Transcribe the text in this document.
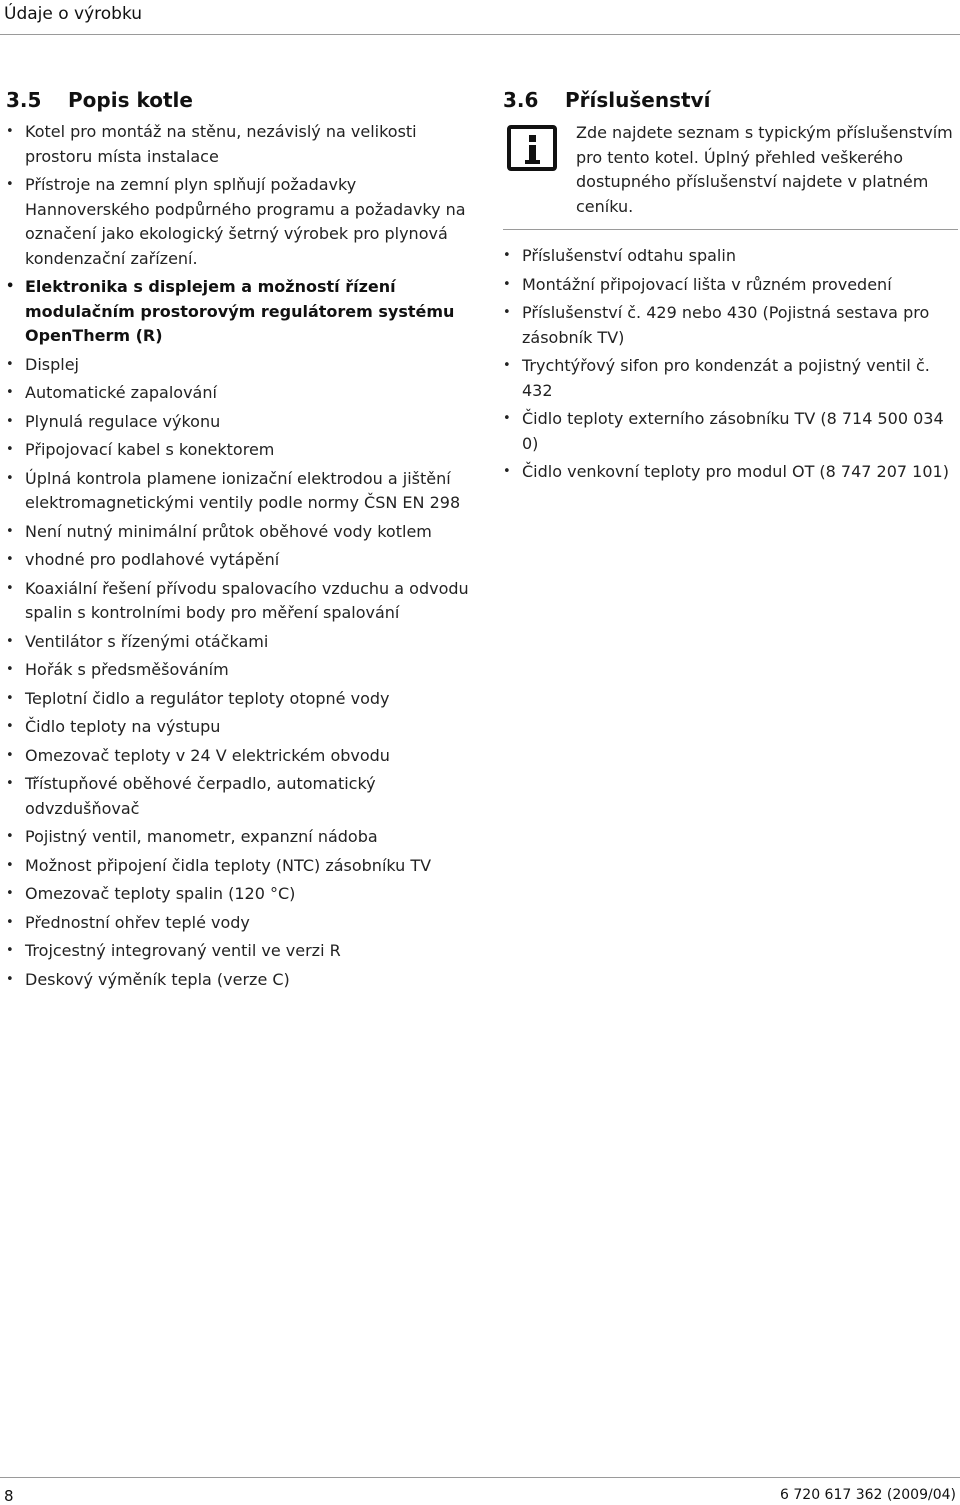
Údaje o výrobku
3.5 Popis kotle
• Kotel pro montáž na stěnu, nezávislý na velikosti prostoru místa instalace
• Přístroje na zemní plyn splňují požadavky Hannoverského podpůrného programu a požadavky na označení jako ekologický šetrný výrobek pro plynová kondenzační zařízení.
• Elektronika s displejem a možností řízení modulačním prostorovým regulátorem systému OpenTherm (R)
• Displej
• Automatické zapalování
• Plynulá regulace výkonu
• Připojovací kabel s konektorem
• Úplná kontrola plamene ionizační elektrodou a jištění elektromagnetickými ventily podle normy ČSN EN 298
• Není nutný minimální průtok oběhové vody kotlem
• vhodné pro podlahové vytápění
• Koaxiální řešení přívodu spalovacího vzduchu a odvodu spalin s kontrolními body pro měření spalování
• Ventilátor s řízenými otáčkami
• Hořák s předsměšováním
• Teplotní čidlo a regulátor teploty otopné vody
• Čidlo teploty na výstupu
• Omezovač teploty v 24 V elektrickém obvodu
• Třístupňové oběhové čerpadlo, automatický odvzdušňovač
• Pojistný ventil, manometr, expanzní nádoba
• Možnost připojení čidla teploty (NTC) zásobníku TV
• Omezovač teploty spalin (120 °C)
• Přednostní ohřev teplé vody
• Trojcestný integrovaný ventil ve verzi R
• Deskový výměník tepla (verze C)
3.6 Příslušenství
Zde najdete seznam s typickým příslušenstvím pro tento kotel. Úplný přehled veškerého dostupného příslušenství najdete v platném ceníku.
• Příslušenství odtahu spalin
• Montážní připojovací lišta v různém provedení
• Příslušenství č. 429 nebo 430 (Pojistná sestava pro zásobník TV)
• Trychtýřový sifon pro kondenzát a pojistný ventil č. 432
• Čidlo teploty externího zásobníku TV (8 714 500 034 0)
• Čidlo venkovní teploty pro modul OT (8 747 207 101)
8	6 720 617 362 (2009/04)
